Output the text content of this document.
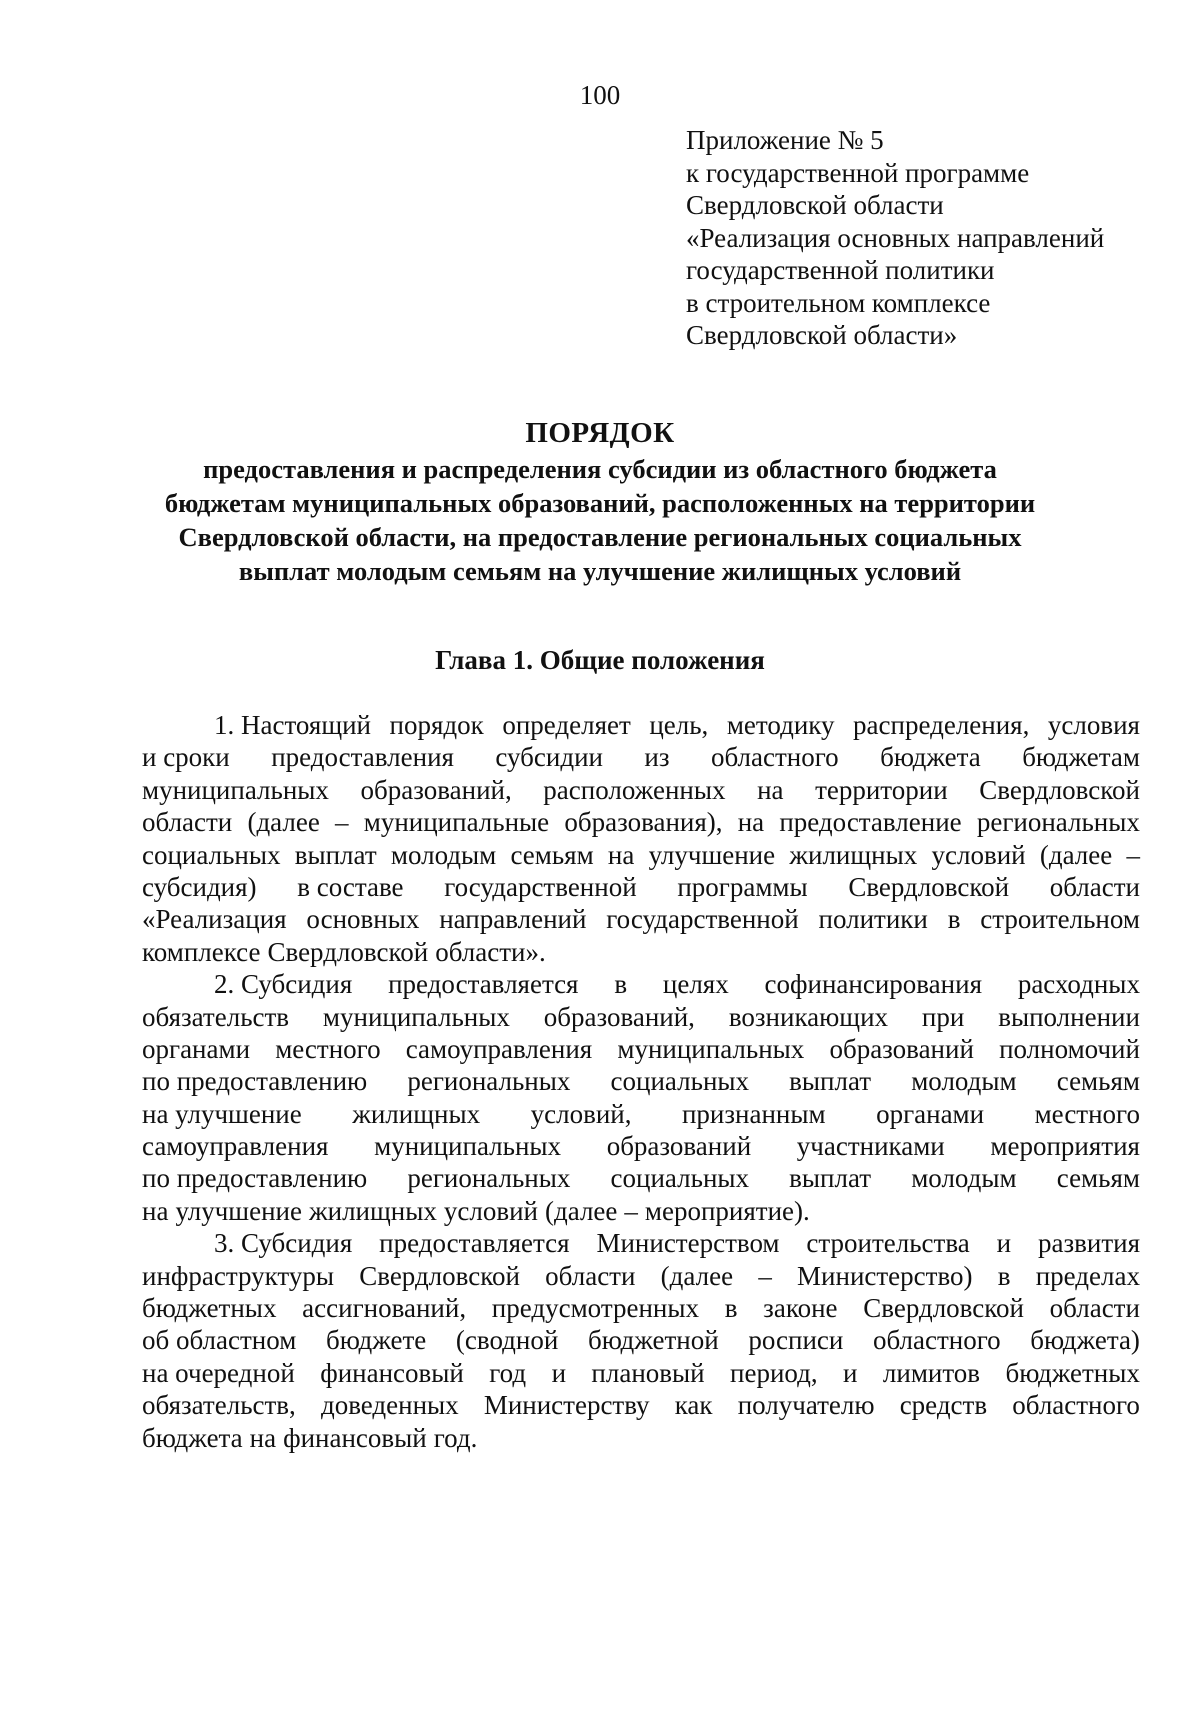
100
Приложение № 5
к государственной программе
Свердловской области
«Реализация основных направлений
государственной политики
в строительном комплексе
Свердловской области»
ПОРЯДОК
предоставления и распределения субсидии из областного бюджета
бюджетам муниципальных образований, расположенных на территории
Свердловской области, на предоставление региональных социальных
выплат молодым семьям на улучшение жилищных условий
Глава 1. Общие положения
1. Настоящий порядок определяет цель, методику распределения, условия
и сроки предоставления субсидии из областного бюджета бюджетам
муниципальных образований, расположенных на территории Свердловской
области (далее – муниципальные образования), на предоставление региональных
социальных выплат молодым семьям на улучшение жилищных условий (далее –
субсидия) в составе государственной программы Свердловской области
«Реализация основных направлений государственной политики в строительном
комплексе Свердловской области».
2. Субсидия предоставляется в целях софинансирования расходных
обязательств муниципальных образований, возникающих при выполнении
органами местного самоуправления муниципальных образований полномочий
по предоставлению региональных социальных выплат молодым семьям
на улучшение жилищных условий, признанным органами местного
самоуправления муниципальных образований участниками мероприятия
по предоставлению региональных социальных выплат молодым семьям
на улучшение жилищных условий (далее – мероприятие).
3. Субсидия предоставляется Министерством строительства и развития
инфраструктуры Свердловской области (далее – Министерство) в пределах
бюджетных ассигнований, предусмотренных в законе Свердловской области
об областном бюджете (сводной бюджетной росписи областного бюджета)
на очередной финансовый год и плановый период, и лимитов бюджетных
обязательств, доведенных Министерству как получателю средств областного
бюджета на финансовый год.
